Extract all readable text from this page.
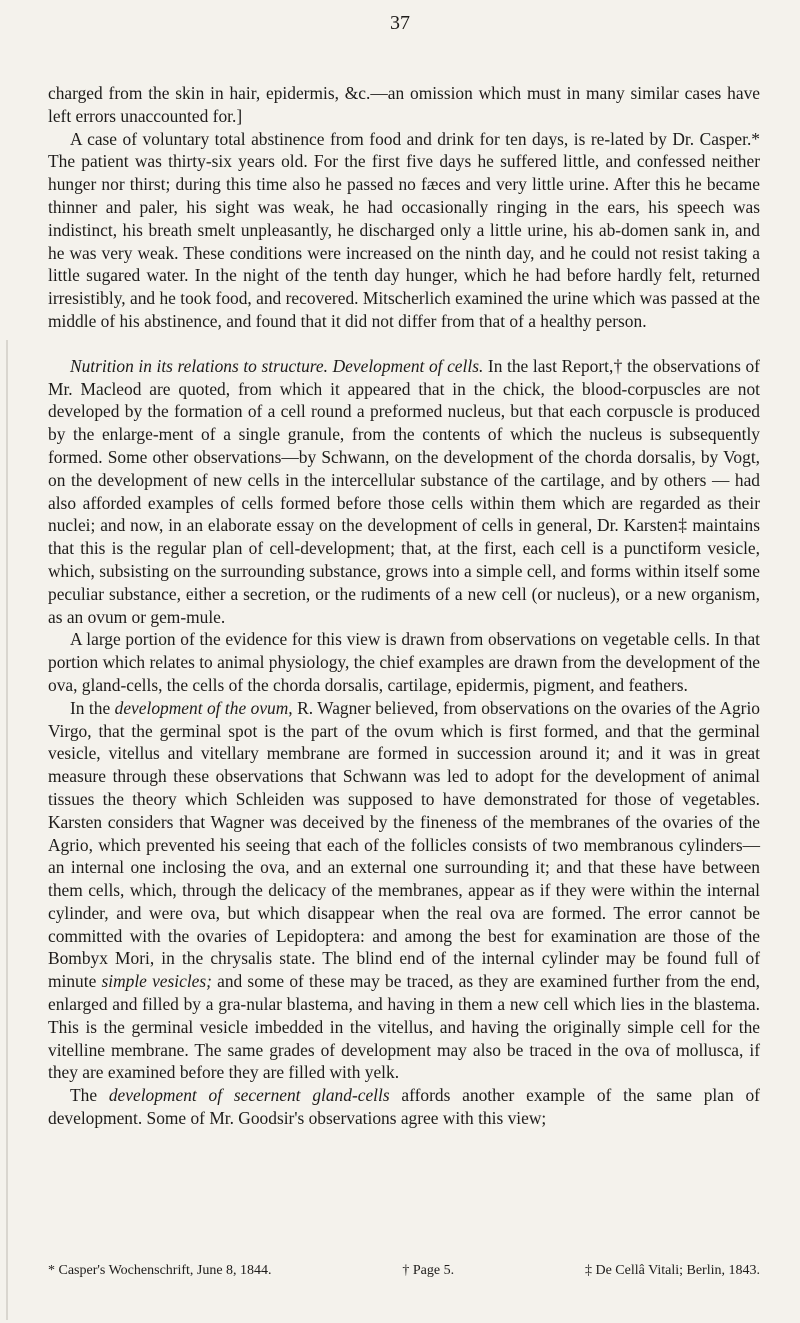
37

charged from the skin in hair, epidermis, &c.—an omission which must in many similar cases have left errors unaccounted for.]

A case of voluntary total abstinence from food and drink for ten days, is re-lated by Dr. Casper.* The patient was thirty-six years old. For the first five days he suffered little, and confessed neither hunger nor thirst; during this time also he passed no fæces and very little urine. After this he became thinner and paler, his sight was weak, he had occasionally ringing in the ears, his speech was indistinct, his breath smelt unpleasantly, he discharged only a little urine, his ab-domen sank in, and he was very weak. These conditions were increased on the ninth day, and he could not resist taking a little sugared water. In the night of the tenth day hunger, which he had before hardly felt, returned irresistibly, and he took food, and recovered. Mitscherlich examined the urine which was passed at the middle of his abstinence, and found that it did not differ from that of a healthy person.

Nutrition in its relations to structure. Development of cells. In the last Report,† the observations of Mr. Macleod are quoted, from which it appeared that in the chick, the blood-corpuscles are not developed by the formation of a cell round a preformed nucleus, but that each corpuscle is produced by the enlarge-ment of a single granule, from the contents of which the nucleus is subsequently formed. Some other observations—by Schwann, on the development of the chorda dorsalis, by Vogt, on the development of new cells in the intercellular substance of the cartilage, and by others — had also afforded examples of cells formed before those cells within them which are regarded as their nuclei; and now, in an elaborate essay on the development of cells in general, Dr. Karsten‡ maintains that this is the regular plan of cell-development; that, at the first, each cell is a punctiform vesicle, which, subsisting on the surrounding substance, grows into a simple cell, and forms within itself some peculiar substance, either a secretion, or the rudiments of a new cell (or nucleus), or a new organism, as an ovum or gem-mule.

A large portion of the evidence for this view is drawn from observations on vegetable cells. In that portion which relates to animal physiology, the chief examples are drawn from the development of the ova, gland-cells, the cells of the chorda dorsalis, cartilage, epidermis, pigment, and feathers.

In the development of the ovum, R. Wagner believed, from observations on the ovaries of the Agrio Virgo, that the germinal spot is the part of the ovum which is first formed, and that the germinal vesicle, vitellus and vitellary membrane are formed in succession around it; and it was in great measure through these observations that Schwann was led to adopt for the development of animal tissues the theory which Schleiden was supposed to have demonstrated for those of vegetables. Karsten considers that Wagner was deceived by the fineness of the membranes of the ovaries of the Agrio, which prevented his seeing that each of the follicles consists of two membranous cylinders—an internal one inclosing the ova, and an external one surrounding it; and that these have between them cells, which, through the delicacy of the membranes, appear as if they were within the internal cylinder, and were ova, but which disappear when the real ova are formed. The error cannot be committed with the ovaries of Lepidoptera: and among the best for examination are those of the Bombyx Mori, in the chrysalis state. The blind end of the internal cylinder may be found full of minute simple vesicles; and some of these may be traced, as they are examined further from the end, enlarged and filled by a gra-nular blastema, and having in them a new cell which lies in the blastema. This is the germinal vesicle imbedded in the vitellus, and having the originally simple cell for the vitelline membrane. The same grades of development may also be traced in the ova of mollusca, if they are examined before they are filled with yelk.

The development of secernent gland-cells affords another example of the same plan of development. Some of Mr. Goodsir's observations agree with this view;

* Casper's Wochenschrift, June 8, 1844.	† Page 5.	‡ De Cellâ Vitali; Berlin, 1843.
